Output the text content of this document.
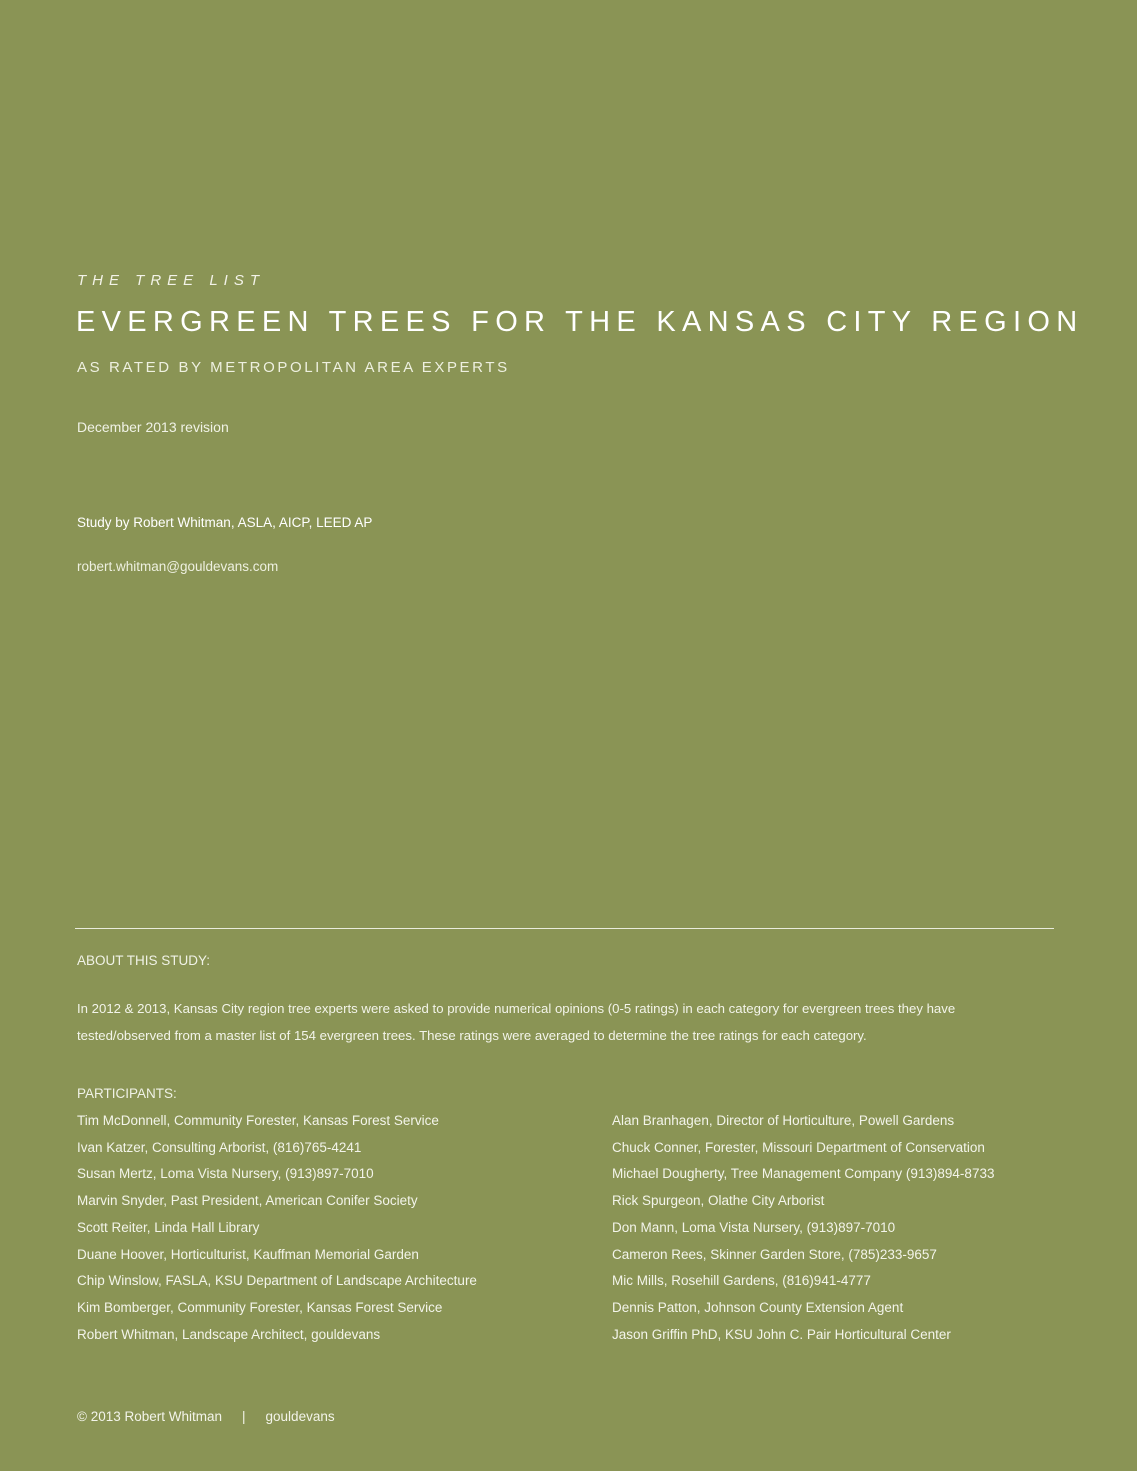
THE TREE LIST
EVERGREEN TREES FOR THE KANSAS CITY REGION
AS RATED BY METROPOLITAN AREA EXPERTS
December 2013 revision
Study by Robert Whitman, ASLA, AICP, LEED AP
robert.whitman@gouldevans.com
ABOUT THIS STUDY:
In 2012 & 2013, Kansas City region tree experts were asked to provide numerical opinions (0-5 ratings) in each category for evergreen trees they have tested/observed from a master list of 154 evergreen trees. These ratings were averaged to determine the tree ratings for each category.
PARTICIPANTS:
Tim McDonnell, Community Forester, Kansas Forest Service
Ivan Katzer, Consulting Arborist, (816)765-4241
Susan Mertz, Loma Vista Nursery, (913)897-7010
Marvin Snyder, Past President, American Conifer Society
Scott Reiter, Linda Hall Library
Duane Hoover, Horticulturist, Kauffman Memorial Garden
Chip Winslow, FASLA, KSU Department of Landscape Architecture
Kim Bomberger, Community Forester, Kansas Forest Service
Robert Whitman, Landscape Architect, gouldevans
Alan Branhagen, Director of Horticulture, Powell Gardens
Chuck Conner, Forester, Missouri Department of Conservation
Michael Dougherty, Tree Management Company (913)894-8733
Rick Spurgeon, Olathe City Arborist
Don Mann, Loma Vista Nursery, (913)897-7010
Cameron Rees, Skinner Garden Store, (785)233-9657
Mic Mills, Rosehill Gardens, (816)941-4777
Dennis Patton, Johnson County Extension Agent
Jason Griffin PhD, KSU John C. Pair Horticultural Center
© 2013 Robert Whitman | gouldevans
